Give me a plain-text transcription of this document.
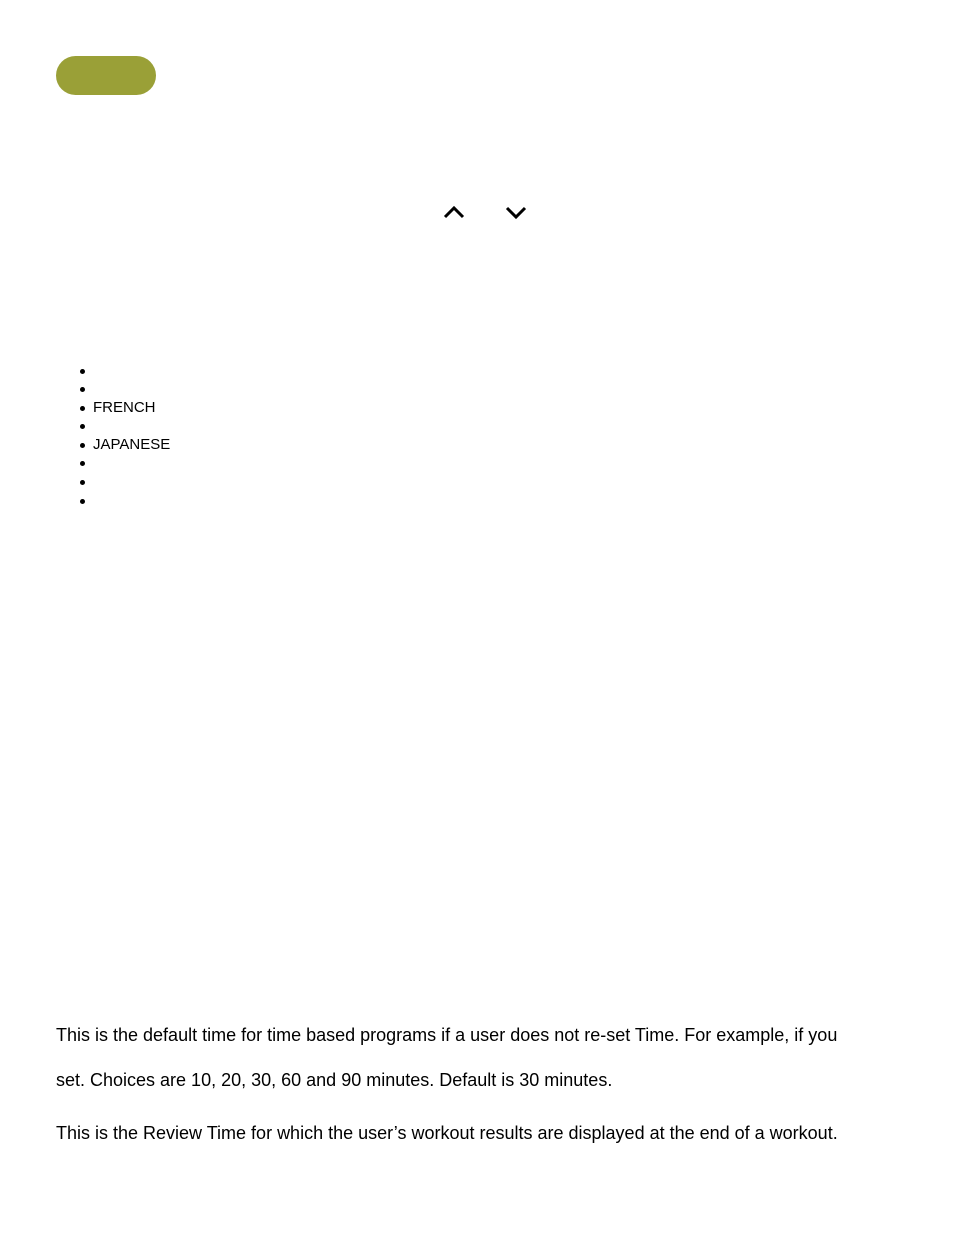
FRENCH
JAPANESE

This is the default time for time based programs if a user does not re-set Time. For example, if you

set. Choices are 10, 20, 30, 60 and 90 minutes. Default is 30 minutes.

This is the Review Time for which the user’s workout results are displayed at the end of a workout.
